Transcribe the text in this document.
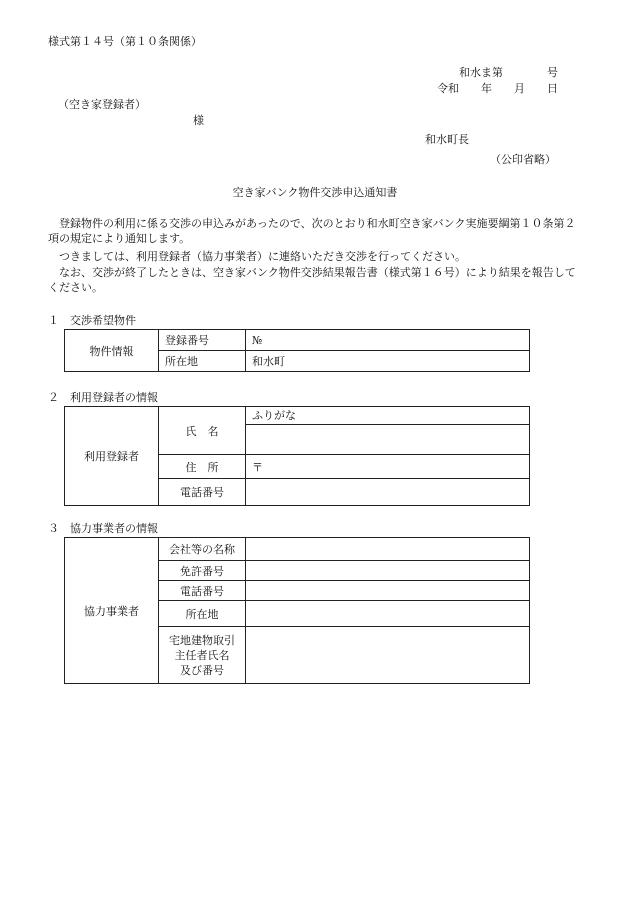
様式第１４号（第１０条関係）
和水ま第　　　　号
令和　　年　　月　　日
（空き家登録者）
様
和水町長
（公印省略）
空き家バンク物件交渉申込通知書
登録物件の利用に係る交渉の申込みがあったので、次のとおり和水町空き家バンク実施要綱第１０条第２項の規定により通知します。
つきましては、利用登録者（協力事業者）に連絡いただき交渉を行ってください。
なお、交渉が終了したときは、空き家バンク物件交渉結果報告書（様式第１６号）により結果を報告してください。
１　交渉希望物件
物件情報	登録番号	№
	所在地	和水町
２　利用登録者の情報
利用登録者	氏　名	ふりがな

	住　所	〒
	電話番号	
３　協力事業者の情報
協力事業者	会社等の名称	
	免許番号	
	電話番号	
	所在地	

	宅地建物取引
主任者氏名
及び番号	
